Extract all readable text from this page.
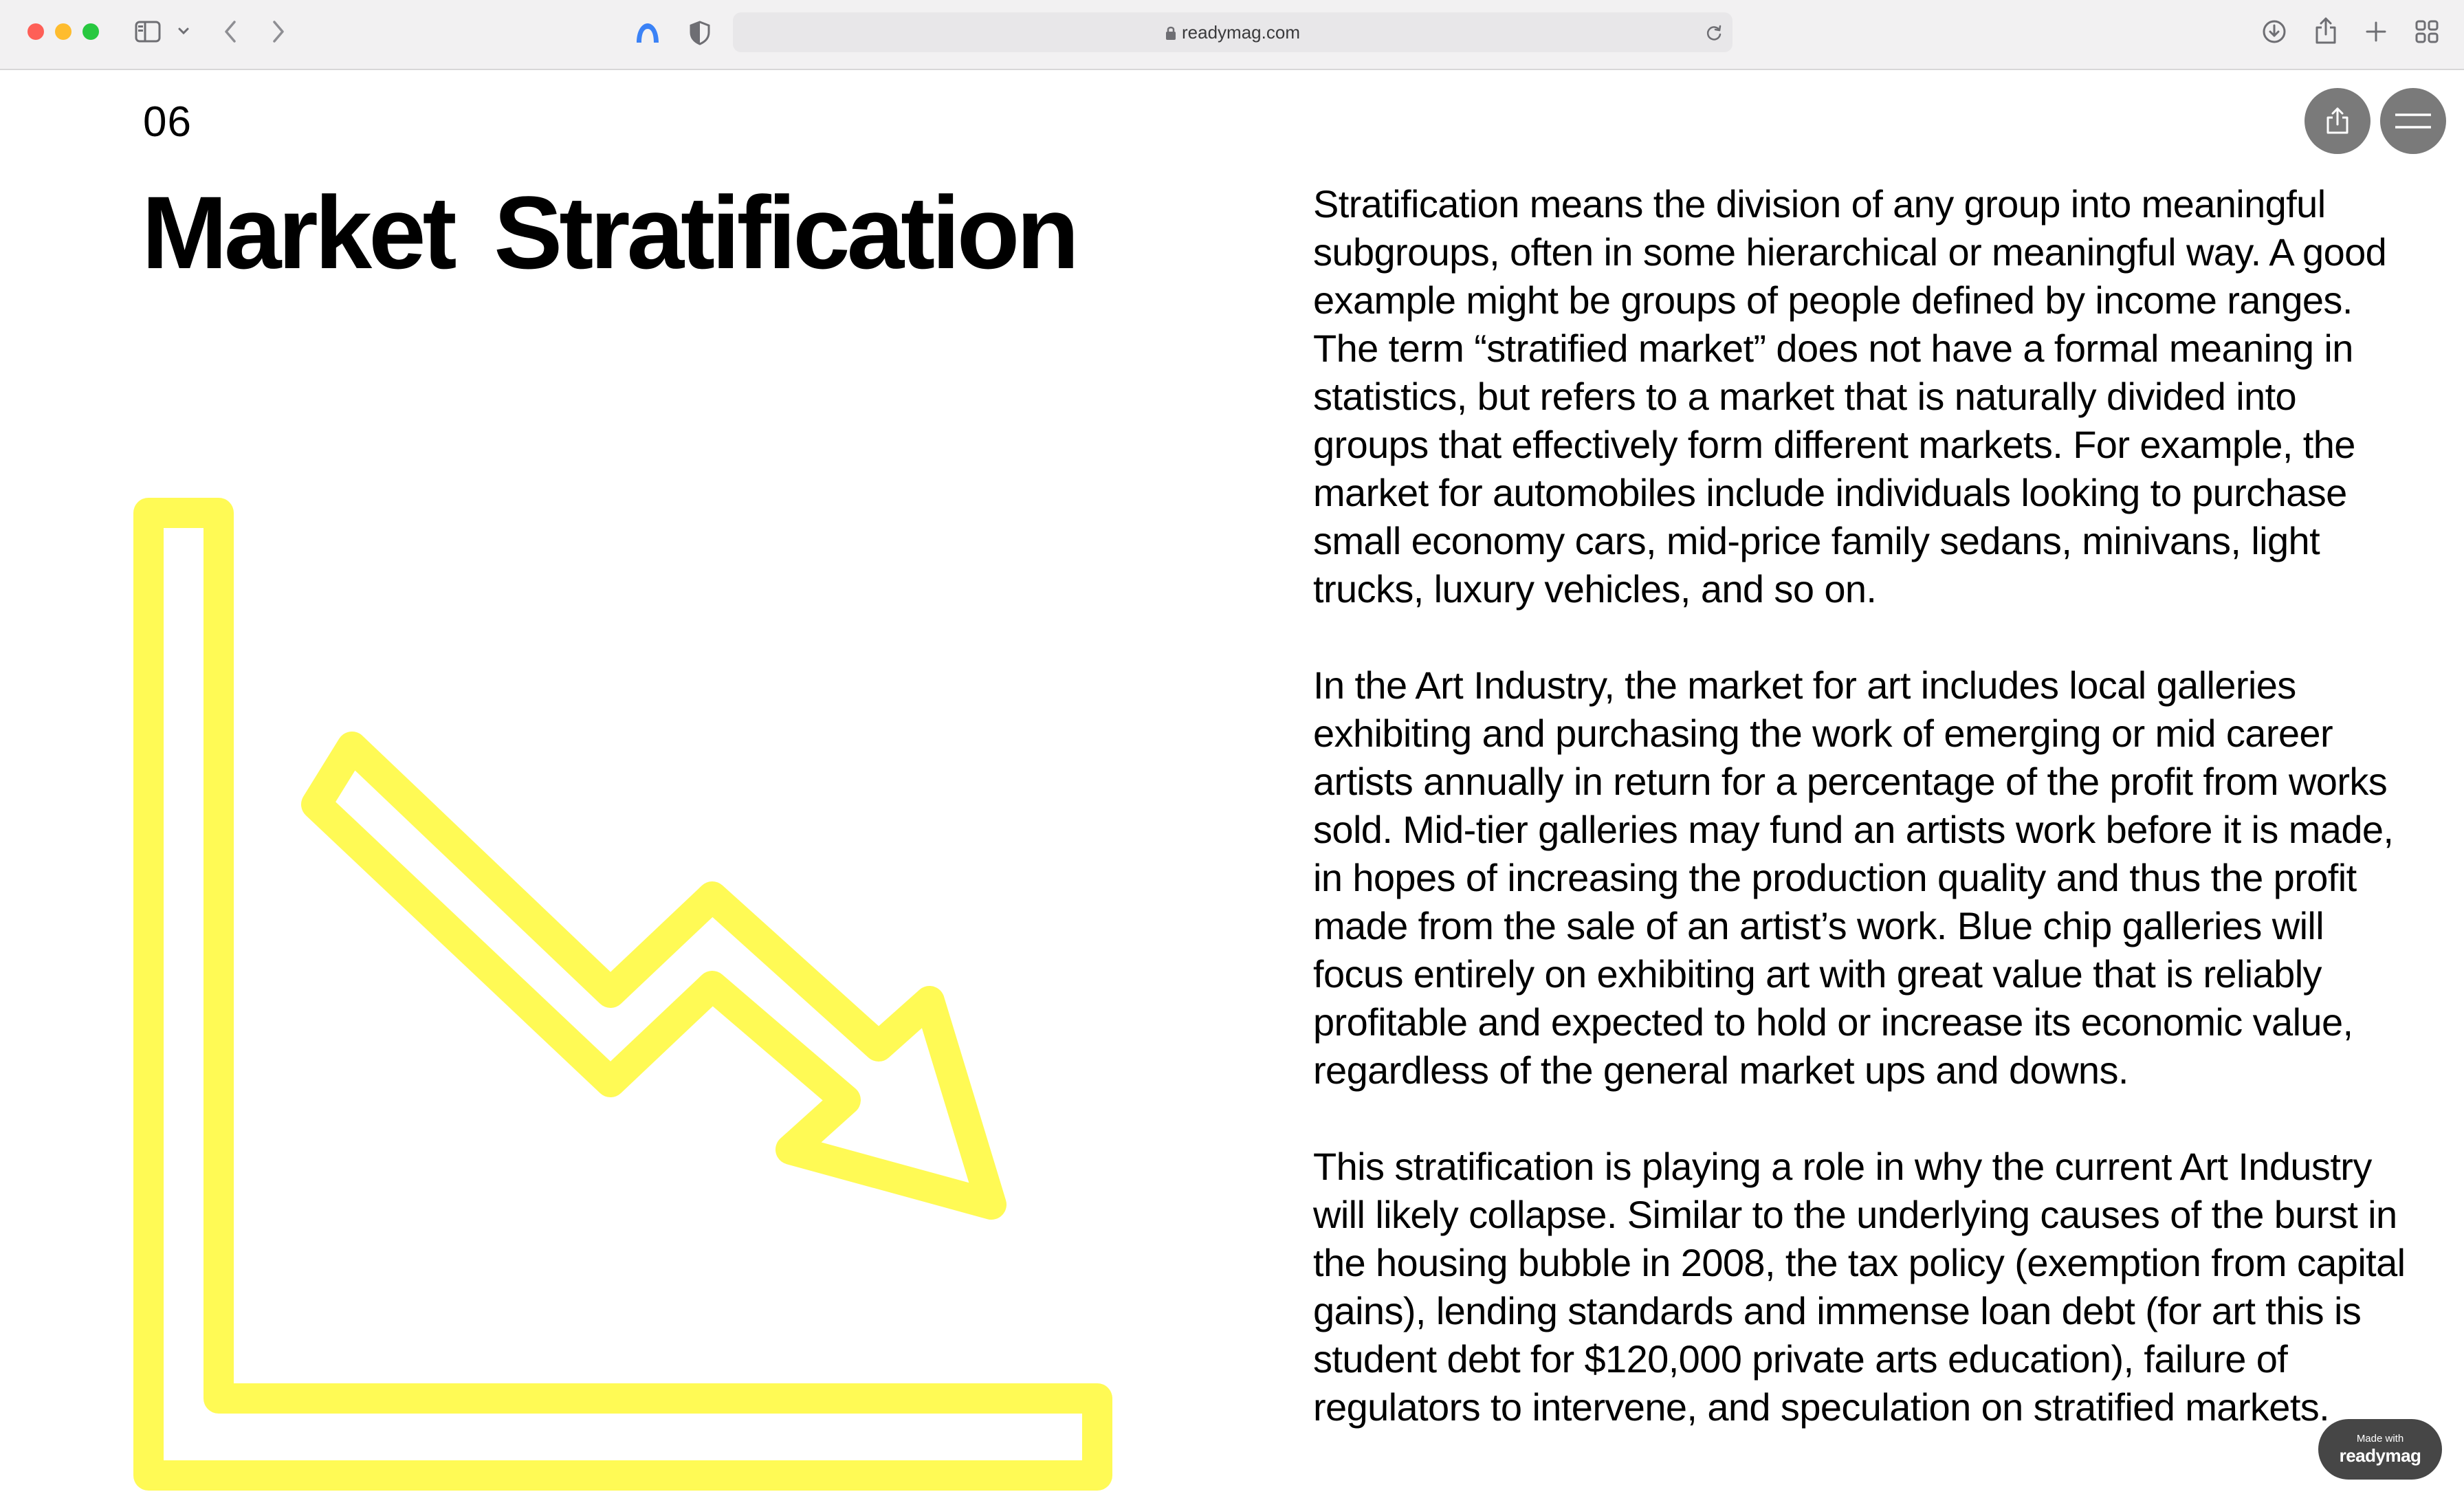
readymag.com
06
Market Stratification	Stratification means the division of any group into meaningful subgroups, often in some hierarchical or meaningful way. A good example might be groups of people defined by income ranges. The term “stratified market” does not have a formal meaning in statistics, but refers to a market that is naturally divided into groups that effectively form different markets. For example, the market for automobiles include individuals looking to purchase small economy cars, mid-price family sedans, minivans, light trucks, luxury vehicles, and so on.

In the Art Industry, the market for art includes local galleries exhibiting and purchasing the work of emerging or mid career artists annually in return for a percentage of the profit from works sold. Mid-tier galleries may fund an artists work before it is made, in hopes of increasing the production quality and thus the profit made from the sale of an artist’s work. Blue chip galleries will focus entirely on exhibiting art with great value that is reliably profitable and expected to hold or increase its economic value, regardless of the general market ups and downs.

This stratification is playing a role in why the current Art Industry will likely collapse. Similar to the underlying causes of the burst in the housing bubble in 2008, the tax policy (exemption from capital gains), lending standards and immense loan debt (for art this is student debt for $120,000 private arts education), failure of regulators to intervene, and speculation on stratified markets.

Made with
readymag
